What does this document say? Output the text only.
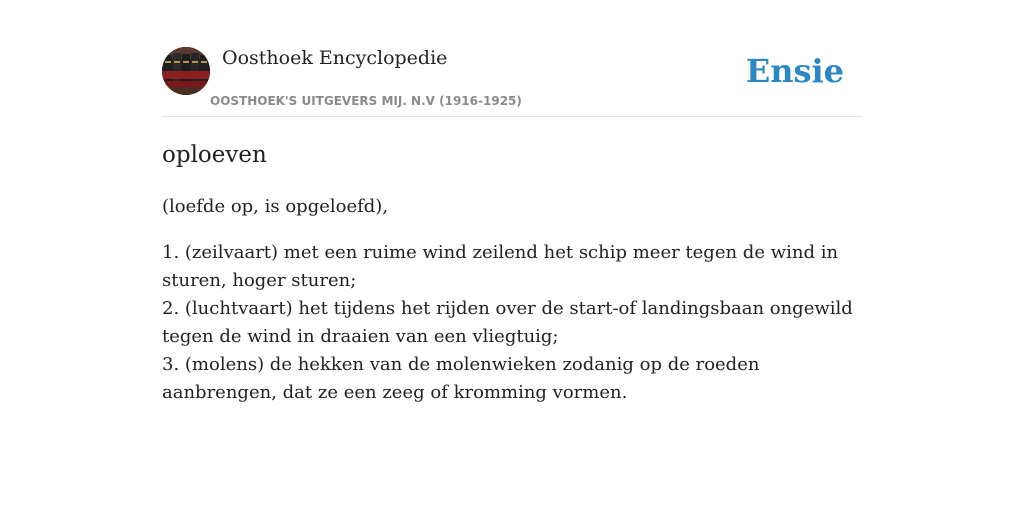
Oosthoek Encyclopedie
OOSTHOEK'S UITGEVERS MIJ. N.V (1916-1925)
Ensie
oploeven
(loefde op, is opgeloefd),
1. (zeilvaart) met een ruime wind zeilend het schip meer tegen de wind in sturen, hoger sturen;
2. (luchtvaart) het tijdens het rijden over de start-of landingsbaan ongewild tegen de wind in draaien van een vliegtuig;
3. (molens) de hekken van de molenwieken zodanig op de roeden aanbrengen, dat ze een zeeg of kromming vormen.
